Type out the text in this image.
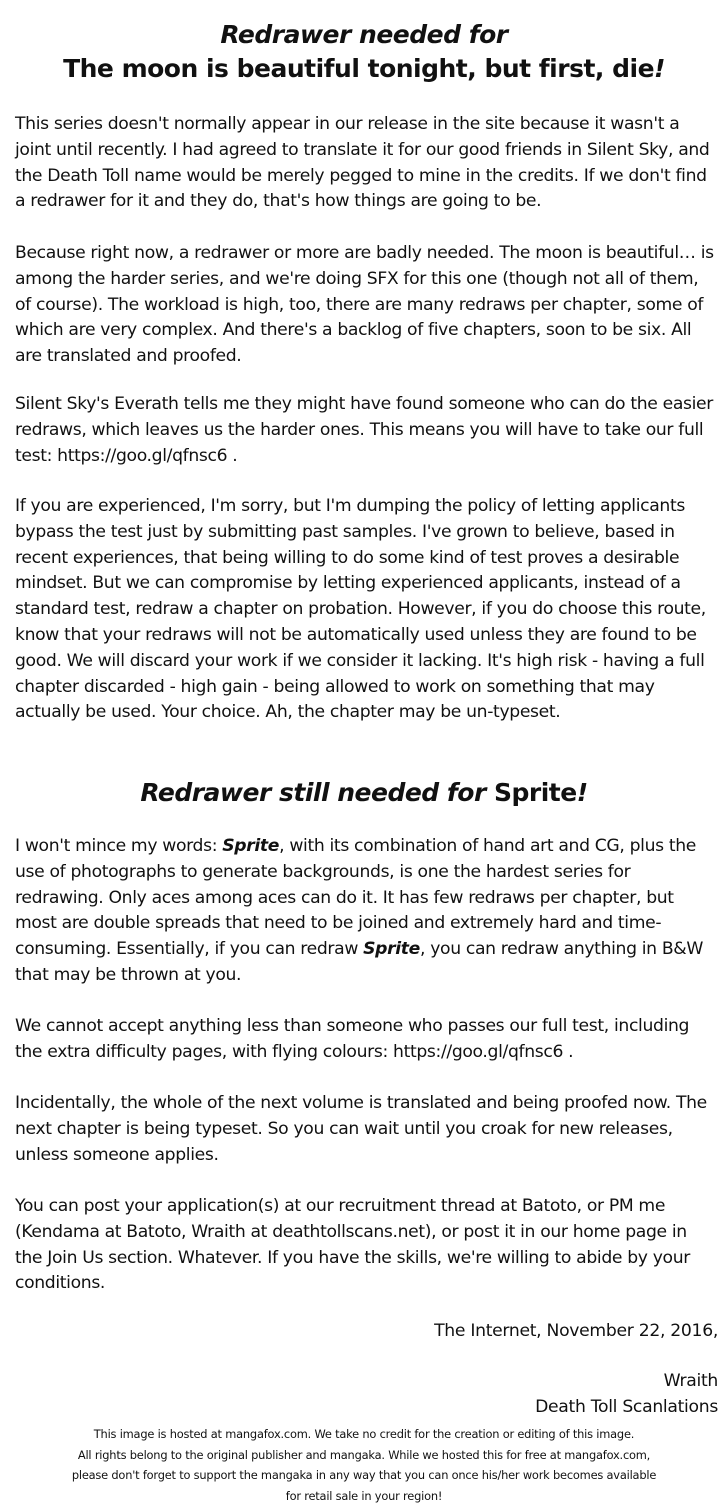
Redrawer needed for
The moon is beautiful tonight, but first, die!

This series doesn't normally appear in our release in the site because it wasn't a joint until recently. I had agreed to translate it for our good friends in Silent Sky, and the Death Toll name would be merely pegged to mine in the credits. If we don't find a redrawer for it and they do, that's how things are going to be.

Because right now, a redrawer or more are badly needed. The moon is beautiful… is among the harder series, and we're doing SFX for this one (though not all of them, of course). The workload is high, too, there are many redraws per chapter, some of which are very complex. And there's a backlog of five chapters, soon to be six. All are translated and proofed.

Silent Sky's Everath tells me they might have found someone who can do the easier redraws, which leaves us the harder ones. This means you will have to take our full test: https://goo.gl/qfnsc6 .

If you are experienced, I'm sorry, but I'm dumping the policy of letting applicants bypass the test just by submitting past samples. I've grown to believe, based in recent experiences, that being willing to do some kind of test proves a desirable mindset. But we can compromise by letting experienced applicants, instead of a standard test, redraw a chapter on probation. However, if you do choose this route, know that your redraws will not be automatically used unless they are found to be good. We will discard your work if we consider it lacking. It's high risk - having a full chapter discarded - high gain - being allowed to work on something that may actually be used. Your choice. Ah, the chapter may be un-typeset.

Redrawer still needed for Sprite!

I won't mince my words: Sprite, with its combination of hand art and CG, plus the use of photographs to generate backgrounds, is one the hardest series for redrawing. Only aces among aces can do it. It has few redraws per chapter, but most are double spreads that need to be joined and extremely hard and time-consuming. Essentially, if you can redraw Sprite, you can redraw anything in B&W that may be thrown at you.

We cannot accept anything less than someone who passes our full test, including the extra difficulty pages, with flying colours: https://goo.gl/qfnsc6 .

Incidentally, the whole of the next volume is translated and being proofed now. The next chapter is being typeset. So you can wait until you croak for new releases, unless someone applies.

You can post your application(s) at our recruitment thread at Batoto, or PM me (Kendama at Batoto, Wraith at deathtollscans.net), or post it in our home page in the Join Us section. Whatever. If you have the skills, we're willing to abide by your conditions.

The Internet, November 22, 2016,
Wraith
Death Toll Scanlations
This image is hosted at mangafox.com. We take no credit for the creation or editing of this image.
All rights belong to the original publisher and mangaka. While we hosted this for free at mangafox.com,
please don't forget to support the mangaka in any way that you can once his/her work becomes available
for retail sale in your region!
